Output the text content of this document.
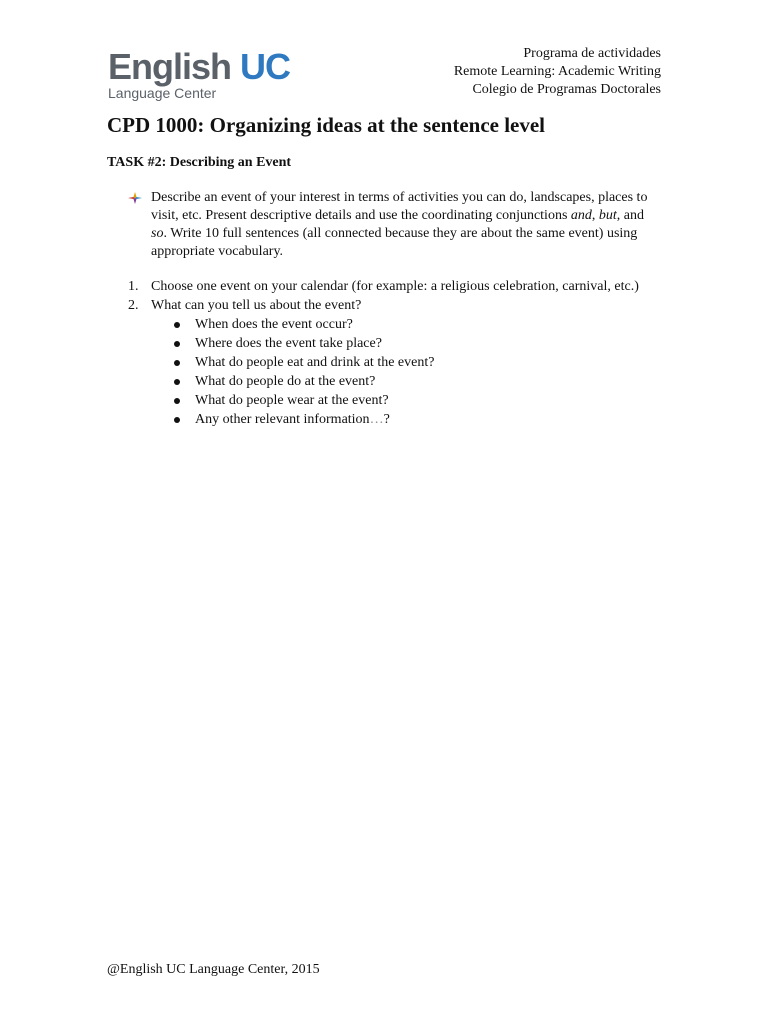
English UC
Language Center
Programa de actividades
Remote Learning: Academic Writing
Colegio de Programas Doctorales
CPD 1000: Organizing ideas at the sentence level
TASK #2: Describing an Event
Describe an event of your interest in terms of activities you can do, landscapes, places to visit, etc. Present descriptive details and use the coordinating conjunctions and, but, and so. Write 10 full sentences (all connected because they are about the same event) using appropriate vocabulary.
1. Choose one event on your calendar (for example: a religious celebration, carnival, etc.)
2. What can you tell us about the event?
When does the event occur?
Where does the event take place?
What do people eat and drink at the event?
What do people do at the event?
What do people wear at the event?
Any other relevant information…?
@English UC Language Center, 2015
